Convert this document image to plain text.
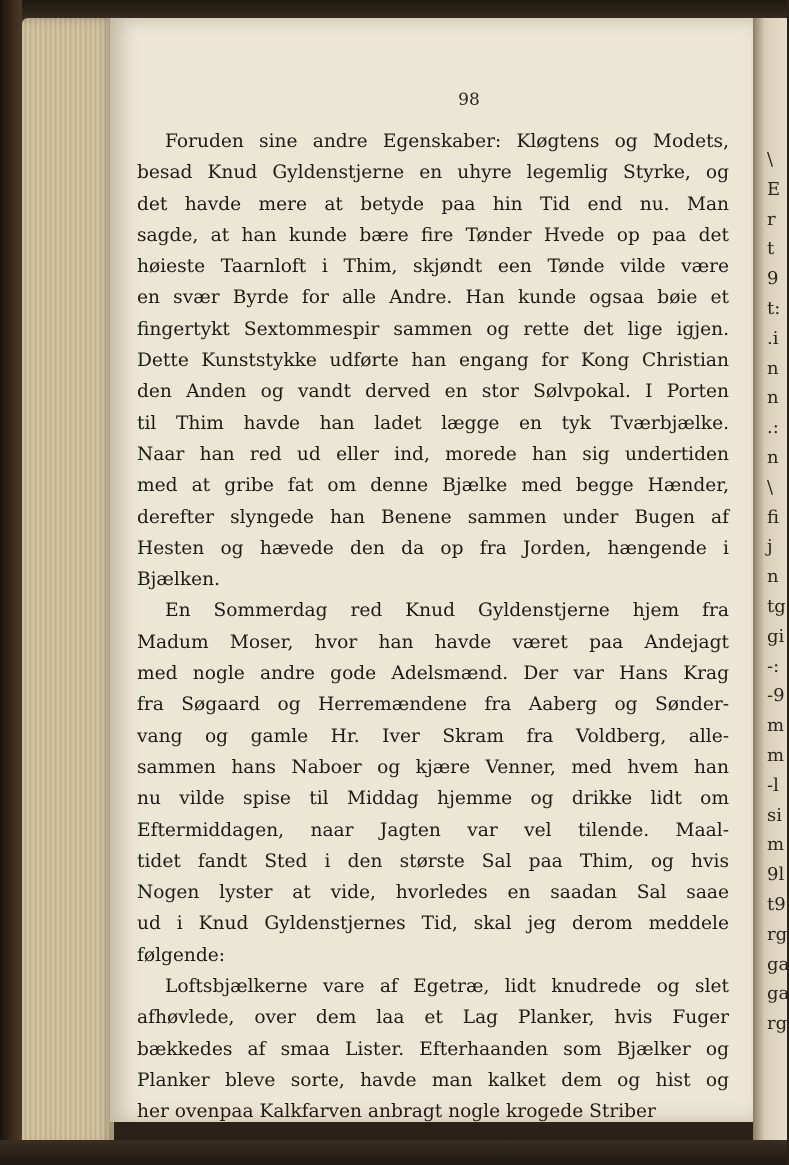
98
Foruden sine andre Egenskaber: Kløgtens og Modets,
besad Knud Gyldenstjerne en uhyre legemlig Styrke, og
det havde mere at betyde paa hin Tid end nu. Man
sagde, at han kunde bære fire Tønder Hvede op paa det
høieste Taarnloft i Thim, skjøndt een Tønde vilde være
en svær Byrde for alle Andre. Han kunde ogsaa bøie et
fingertykt Sextommespir sammen og rette det lige igjen.
Dette Kunststykke udførte han engang for Kong Christian
den Anden og vandt derved en stor Sølvpokal. I Porten
til Thim havde han ladet lægge en tyk Tværbjælke.
Naar han red ud eller ind, morede han sig undertiden
med at gribe fat om denne Bjælke med begge Hænder,
derefter slyngede han Benene sammen under Bugen af
Hesten og hævede den da op fra Jorden, hængende i
Bjælken.
En Sommerdag red Knud Gyldenstjerne hjem fra
Madum Moser, hvor han havde været paa Andejagt
med nogle andre gode Adelsmænd. Der var Hans Krag
fra Søgaard og Herremændene fra Aaberg og Sønder-
vang og gamle Hr. Iver Skram fra Voldberg, alle-
sammen hans Naboer og kjære Venner, med hvem han
nu vilde spise til Middag hjemme og drikke lidt om
Eftermiddagen, naar Jagten var vel tilende. Maal-
tidet fandt Sted i den største Sal paa Thim, og hvis
Nogen lyster at vide, hvorledes en saadan Sal saae
ud i Knud Gyldenstjernes Tid, skal jeg derom meddele
følgende:
Loftsbjælkerne vare af Egetræ, lidt knudrede og slet
afhøvlede, over dem laa et Lag Planker, hvis Fuger
bækkedes af smaa Lister. Efterhaanden som Bjælker og
Planker bleve sorte, havde man kalket dem og hist og
her ovenpaa Kalkfarven anbragt nogle krogede Striber
\
E
r
t
9
t:
.i
n
n
.:
n
\
fi
j
n
tg
gi
-:
-9
m
m
-l
si
m
9l
t9
rg
ga
ga
rg
